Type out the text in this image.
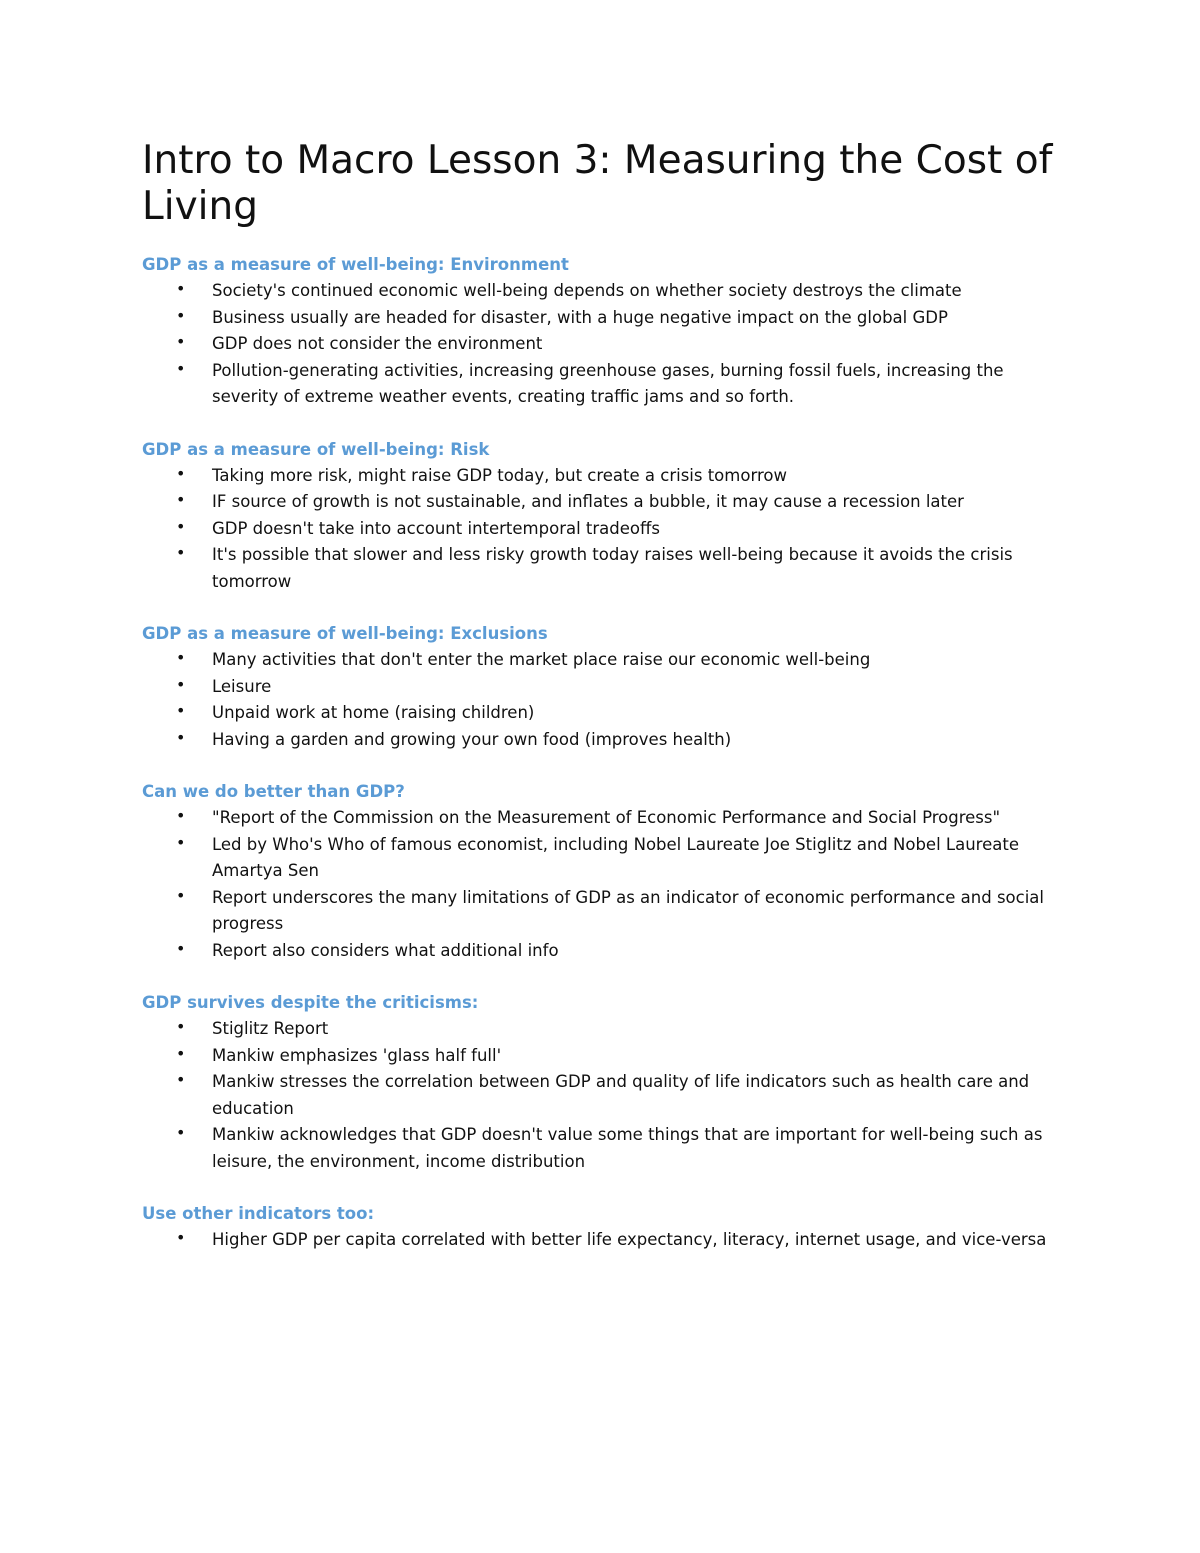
Intro to Macro Lesson 3: Measuring the Cost of Living
GDP as a measure of well-being: Environment
• Society's continued economic well-being depends on whether society destroys the climate
• Business usually are headed for disaster, with a huge negative impact on the global GDP
• GDP does not consider the environment
• Pollution-generating activities, increasing greenhouse gases, burning fossil fuels, increasing the severity of extreme weather events, creating traffic jams and so forth.
GDP as a measure of well-being: Risk
• Taking more risk, might raise GDP today, but create a crisis tomorrow
• IF source of growth is not sustainable, and inflates a bubble, it may cause a recession later
• GDP doesn't take into account intertemporal tradeoffs
• It's possible that slower and less risky growth today raises well-being because it avoids the crisis tomorrow
GDP as a measure of well-being: Exclusions
• Many activities that don't enter the market place raise our economic well-being
• Leisure
• Unpaid work at home (raising children)
• Having a garden and growing your own food (improves health)
Can we do better than GDP?
• "Report of the Commission on the Measurement of Economic Performance and Social Progress"
• Led by Who's Who of famous economist, including Nobel Laureate Joe Stiglitz and Nobel Laureate Amartya Sen
• Report underscores the many limitations of GDP as an indicator of economic performance and social progress
• Report also considers what additional info
GDP survives despite the criticisms:
• Stiglitz Report
• Mankiw emphasizes 'glass half full'
• Mankiw stresses the correlation between GDP and quality of life indicators such as health care and education
• Mankiw acknowledges that GDP doesn't value some things that are important for well-being such as leisure, the environment, income distribution
Use other indicators too:
• Higher GDP per capita correlated with better life expectancy, literacy, internet usage, and vice-versa
